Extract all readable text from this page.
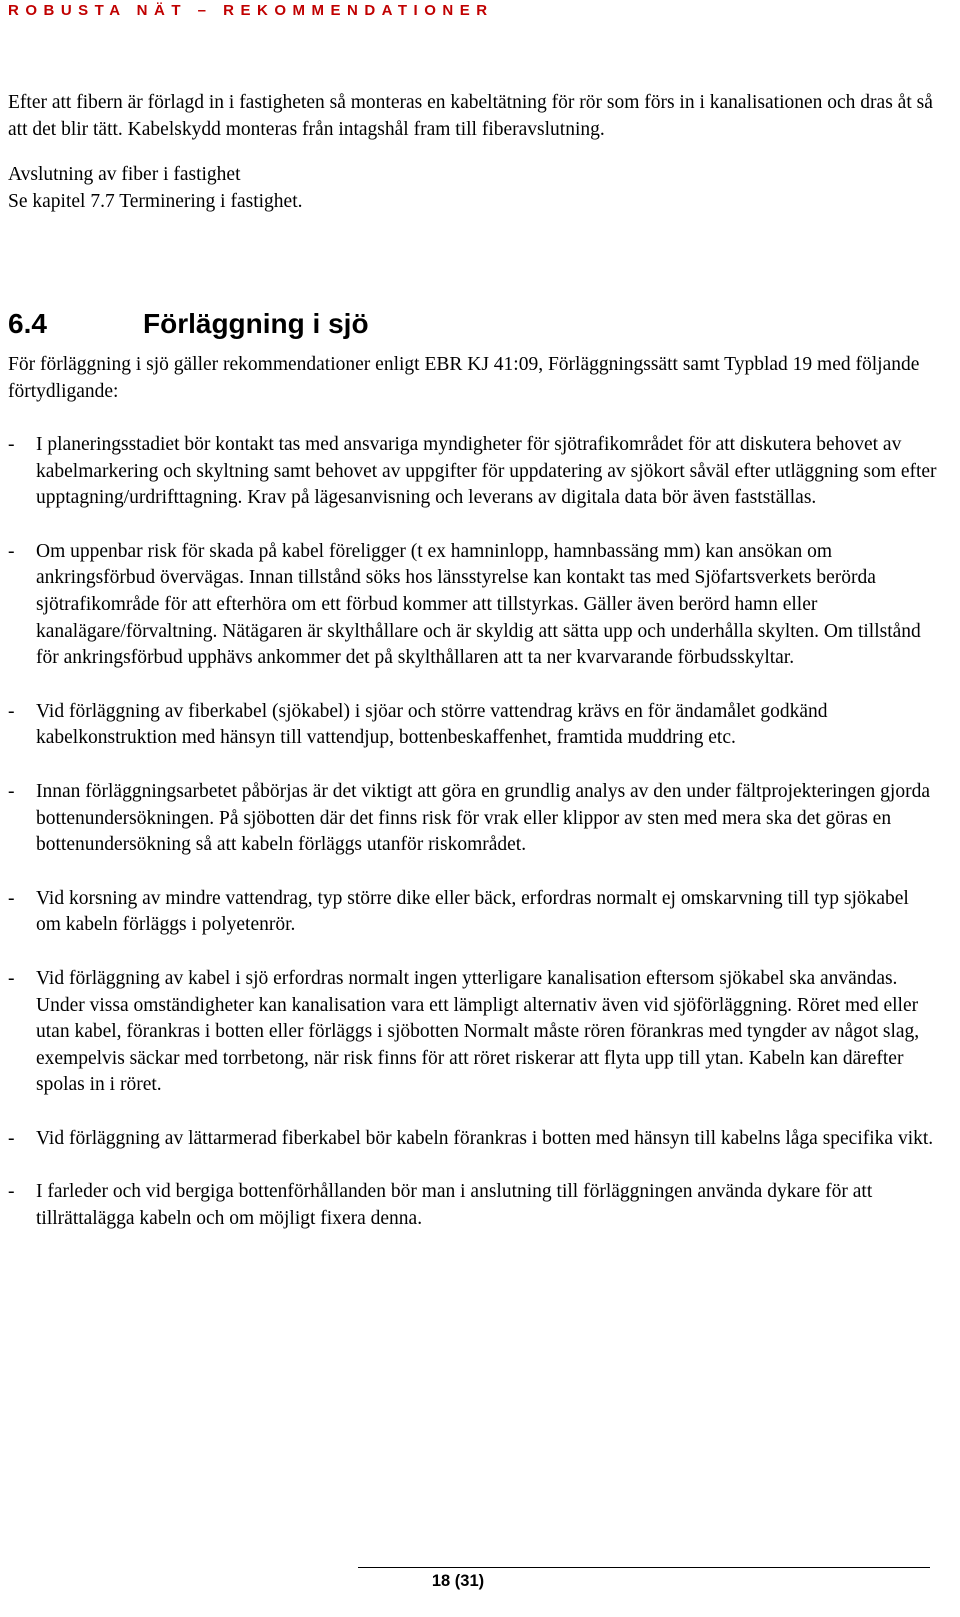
ROBUSTA NÄT – REKOMMENDATIONER

Efter att fibern är förlagd in i fastigheten så monteras en kabeltätning för rör som förs in i kanalisationen och dras åt så att det blir tätt. Kabelskydd monteras från intagshål fram till fiberavslutning.

Avslutning av fiber i fastighet

Se kapitel 7.7 Terminering i fastighet.

6.4	Förläggning i sjö

För förläggning i sjö gäller rekommendationer enligt EBR KJ 41:09, Förläggningssätt samt Typblad 19 med följande förtydligande:

- I planeringsstadiet bör kontakt tas med ansvariga myndigheter för sjötrafikområdet för att diskutera behovet av kabelmarkering och skyltning samt behovet av uppgifter för uppdatering av sjökort såväl efter utläggning som efter upptagning/urdrifttagning. Krav på lägesanvisning och leverans av digitala data bör även fastställas.
- Om uppenbar risk för skada på kabel föreligger (t ex hamninlopp, hamnbassäng mm) kan ansökan om ankringsförbud övervägas. Innan tillstånd söks hos länsstyrelse kan kontakt tas med Sjöfartsverkets berörda sjötrafikområde för att efterhöra om ett förbud kommer att tillstyrkas. Gäller även berörd hamn eller kanalägare/förvaltning. Nätägaren är skylthållare och är skyldig att sätta upp och underhålla skylten. Om tillstånd för ankringsförbud upphävs ankommer det på skylthållaren att ta ner kvarvarande förbudsskyltar.
- Vid förläggning av fiberkabel (sjökabel) i sjöar och större vattendrag krävs en för ändamålet godkänd kabelkonstruktion med hänsyn till vattendjup, bottenbeskaffenhet, framtida muddring etc.
- Innan förläggningsarbetet påbörjas är det viktigt att göra en grundlig analys av den under fältprojekteringen gjorda bottenundersökningen. På sjöbotten där det finns risk för vrak eller klippor av sten med mera ska det göras en bottenundersökning så att kabeln förläggs utanför riskområdet.
- Vid korsning av mindre vattendrag, typ större dike eller bäck, erfordras normalt ej omskarvning till typ sjökabel om kabeln förläggs i polyetenrör.
- Vid förläggning av kabel i sjö erfordras normalt ingen ytterligare kanalisation eftersom sjökabel ska användas. Under vissa omständigheter kan kanalisation vara ett lämpligt alternativ även vid sjöförläggning. Röret med eller utan kabel, förankras i botten eller förläggs i sjöbotten Normalt måste rören förankras med tyngder av något slag, exempelvis säckar med torrbetong, när risk finns för att röret riskerar att flyta upp till ytan. Kabeln kan därefter spolas in i röret.
- Vid förläggning av lättarmerad fiberkabel bör kabeln förankras i botten med hänsyn till kabelns låga specifika vikt.
- I farleder och vid bergiga bottenförhållanden bör man i anslutning till förläggningen använda dykare för att tillrättalägga kabeln och om möjligt fixera denna.
18 (31)
